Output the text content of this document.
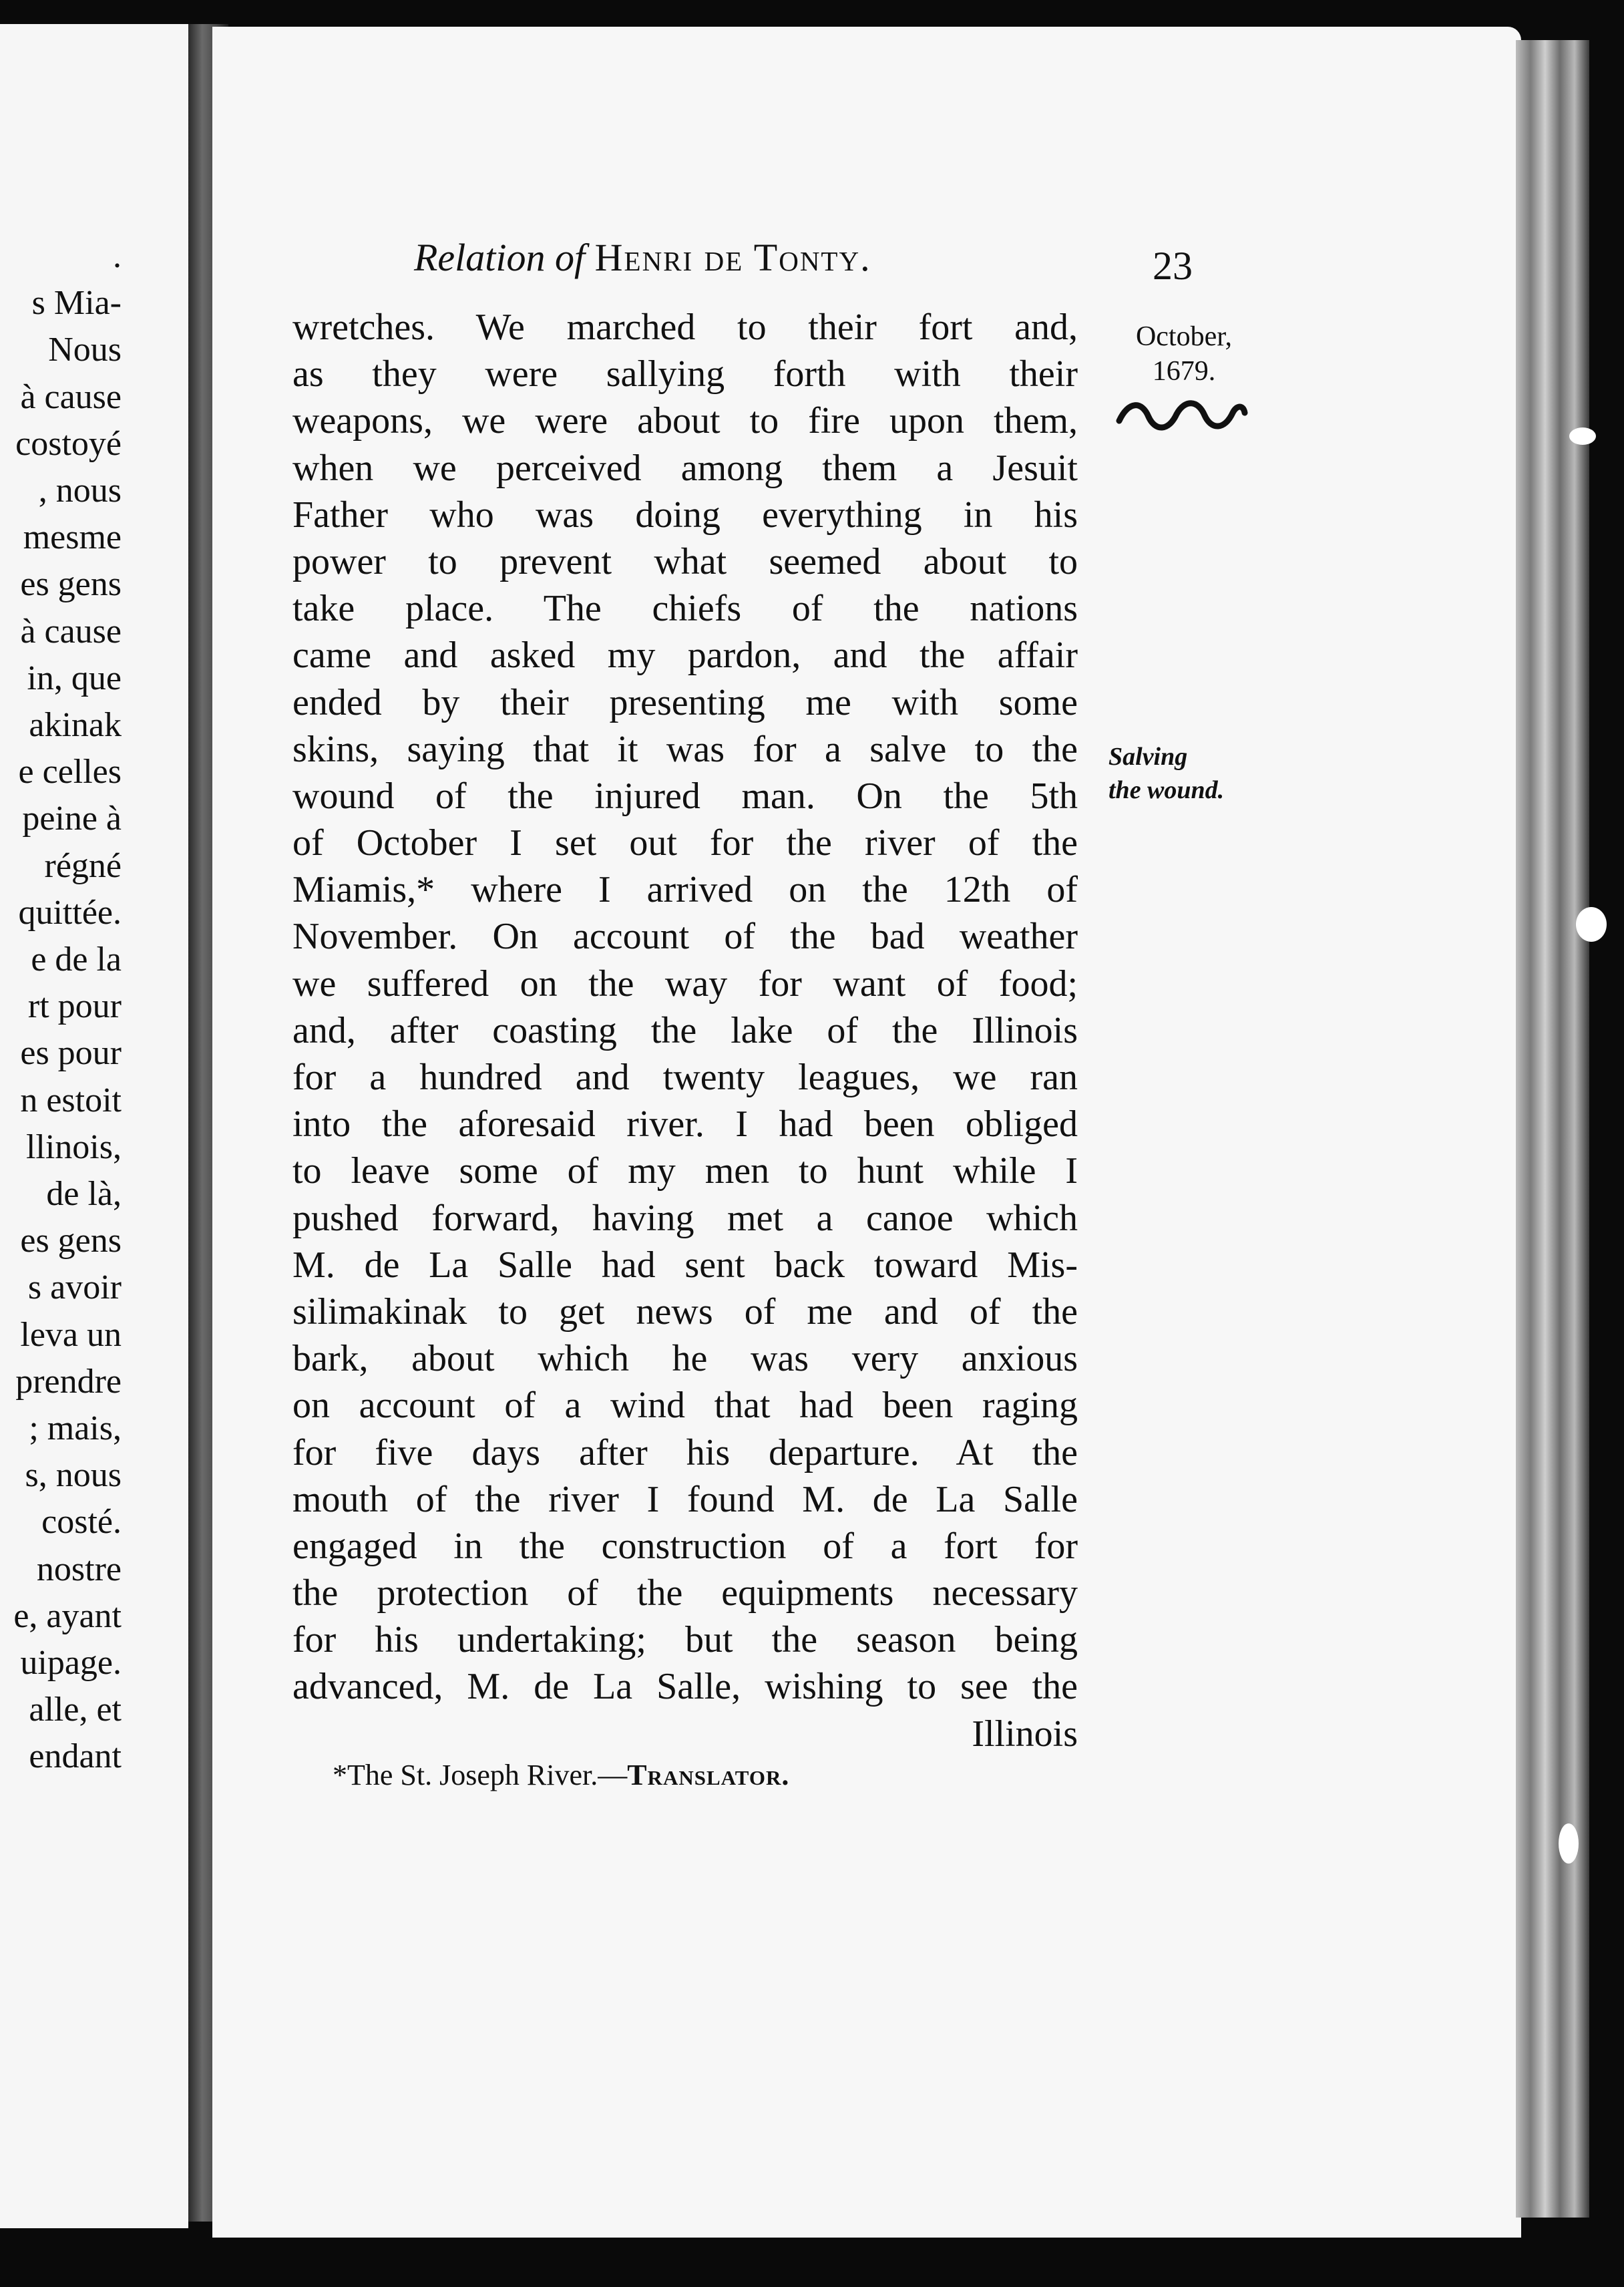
.
s Mia-
Nous
à cause
costoyé
, nous
mesme
es gens
à cause
in, que
akinak
e celles
peine à
régné
quittée.
e de la
rt pour
es pour
n estoit
llinois,
de là,
es gens
s avoir
leva un
prendre
; mais,
s, nous
costé.
nostre
e, ayant
uipage.
alle, et
endant
Relation of Henri de Tonty.	23
October,
1679.
Salving
the wound.
wretches. We marched to their fort and,
as they were sallying forth with their
weapons, we were about to fire upon them,
when we perceived among them a Jesuit
Father who was doing everything in his
power to prevent what seemed about to
take place. The chiefs of the nations
came and asked my pardon, and the affair
ended by their presenting me with some
skins, saying that it was for a salve to the
wound of the injured man. On the 5th
of October I set out for the river of the
Miamis,* where I arrived on the 12th of
November. On account of the bad weather
we suffered on the way for want of food;
and, after coasting the lake of the Illinois
for a hundred and twenty leagues, we ran
into the aforesaid river. I had been obliged
to leave some of my men to hunt while I
pushed forward, having met a canoe which
M. de La Salle had sent back toward Mis-
silimakinak to get news of me and of the
bark, about which he was very anxious
on account of a wind that had been raging
for five days after his departure. At the
mouth of the river I found M. de La Salle
engaged in the construction of a fort for
the protection of the equipments necessary
for his undertaking; but the season being
advanced, M. de La Salle, wishing to see the
Illinois
*The St. Joseph River.—Translator.
